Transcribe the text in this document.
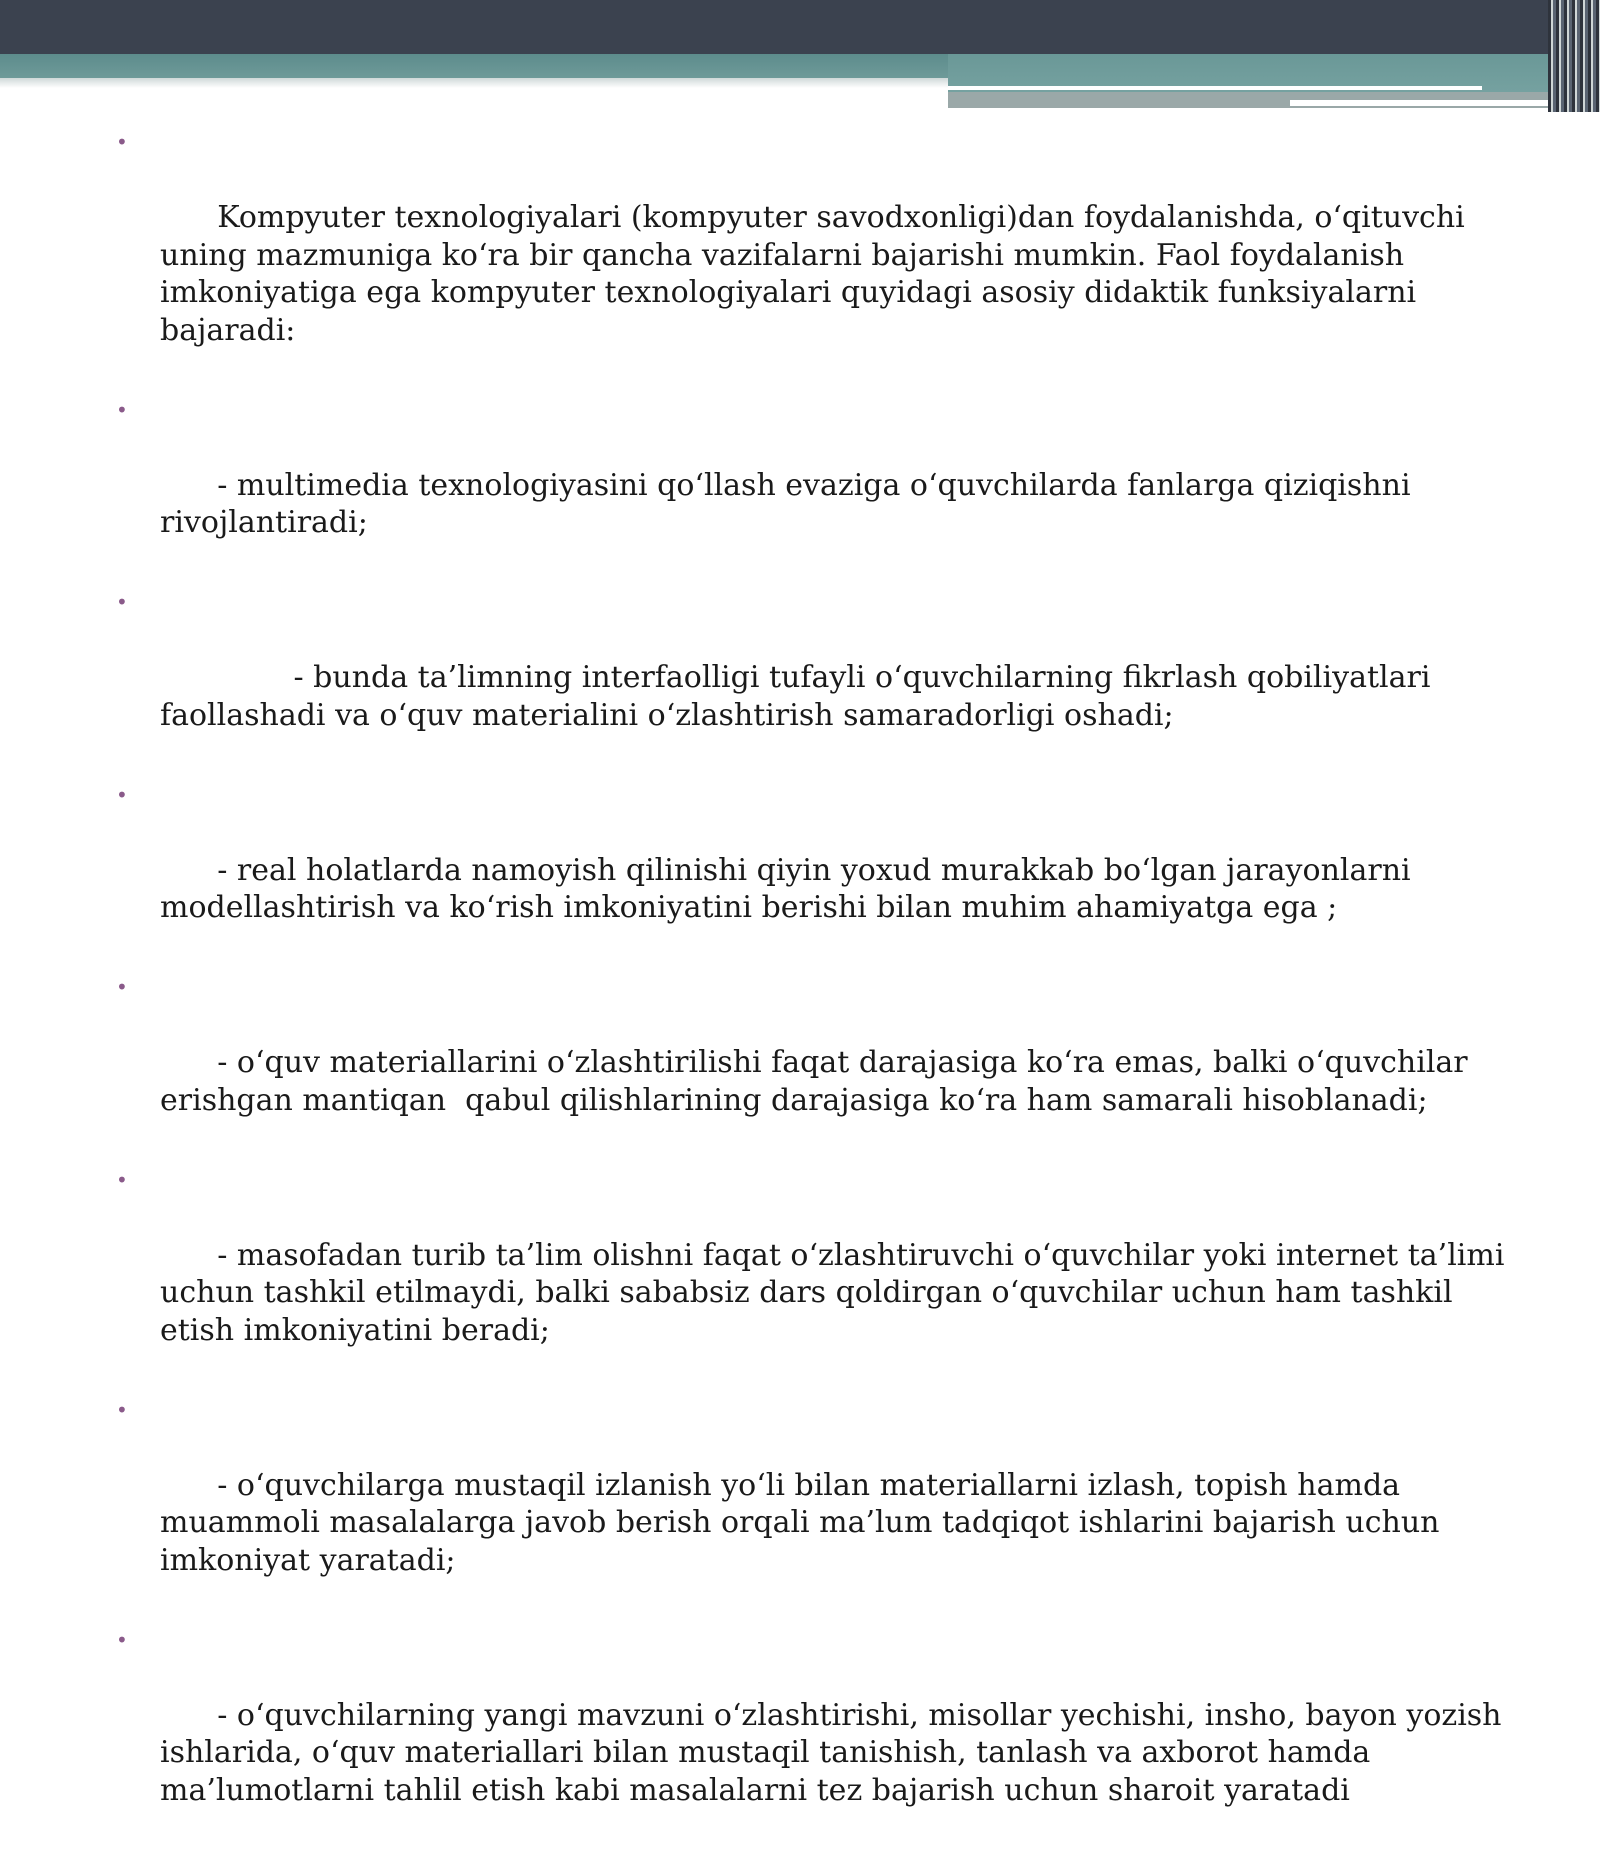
•

Kompyuter texnologiyalari (kompyuter savodxonligi)dan foydalanishda, o‘qituvchi uning mazmuniga ko‘ra bir qancha vazifalarni bajarishi mumkin. Faol foydalanish imkoniyatiga ega kompyuter texnologiyalari quyidagi asosiy didaktik funksiyalarni bajaradi:

•

- multimedia texnologiyasini qo‘llash evaziga o‘quvchilarda fanlarga qiziqishni rivojlantiradi;

•

- bunda ta’limning interfaolligi tufayli o‘quvchilarning fikrlash qobiliyatlari faollashadi va o‘quv materialini o‘zlashtirish samaradorligi oshadi;

•

- real holatlarda namoyish qilinishi qiyin yoxud murakkab bo‘lgan jarayonlarni modellashtirish va ko‘rish imkoniyatini berishi bilan muhim ahamiyatga ega ;

•

- o‘quv materiallarini o‘zlashtirilishi faqat darajasiga ko‘ra emas, balki o‘quvchilar erishgan mantiqan  qabul qilishlarining darajasiga ko‘ra ham samarali hisoblanadi;

•

- masofadan turib ta’lim olishni faqat o‘zlashtiruvchi o‘quvchilar yoki internet ta’limi uchun tashkil etilmaydi, balki sababsiz dars qoldirgan o‘quvchilar uchun ham tashkil etish imkoniyatini beradi;

•

- o‘quvchilarga mustaqil izlanish yo‘li bilan materiallarni izlash, topish hamda muammoli masalalarga javob berish orqali ma’lum tadqiqot ishlarini bajarish uchun imkoniyat yaratadi;

•

- o‘quvchilarning yangi mavzuni o‘zlashtirishi, misollar yechishi, insho, bayon yozish ishlarida, o‘quv materiallari bilan mustaqil tanishish, tanlash va axborot hamda ma’lumotlarni tahlil etish kabi masalalarni tez bajarish uchun sharoit yaratadi
